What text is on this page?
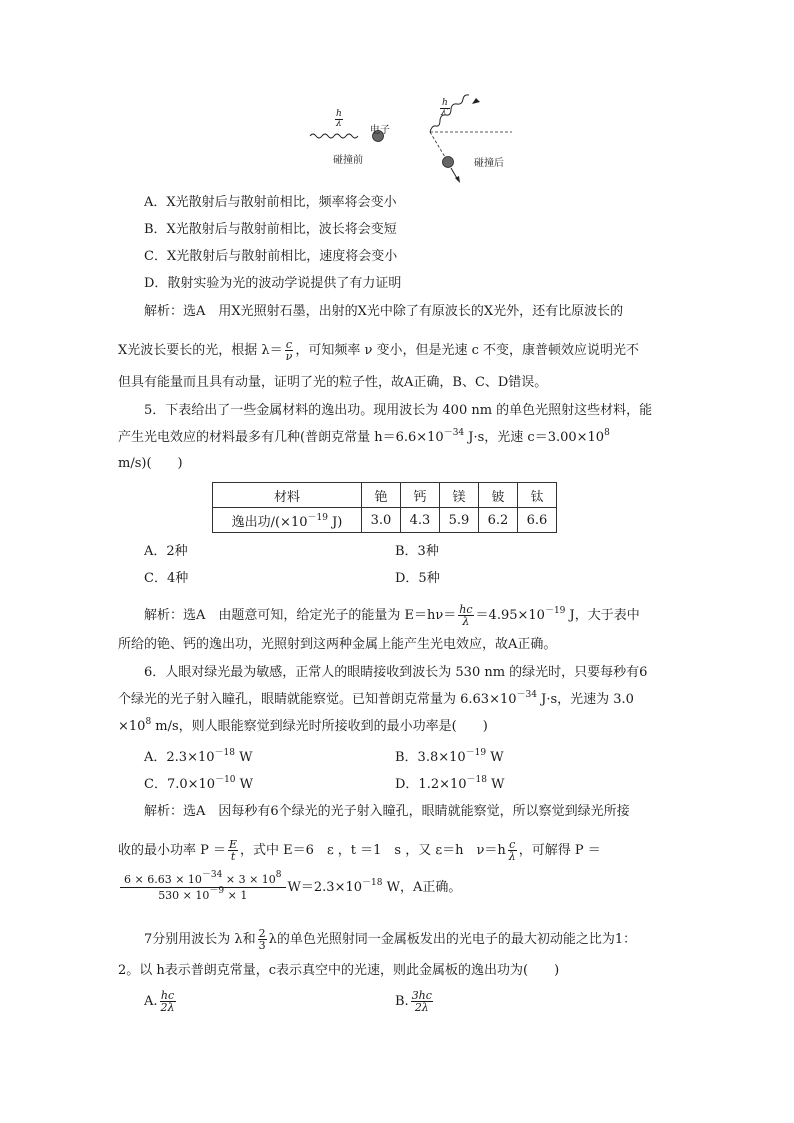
$\frac{h}{\lambda}$
电子
碰撞前
$\frac{h}{\lambda'}$
碰撞后
A．X光散射后与散射前相比，频率将会变小
B．X光散射后与散射前相比，波长将会变短
C．X光散射后与散射前相比，速度将会变小
D．散射实验为光的波动学说提供了有力证明
解析：选A　用X光照射石墨，出射的X光中除了有原波长的X光外，还有比原波长的
X光波长要长的光，根据 $\lambda= \frac{c}{\nu}$ ，可知频率 ν 变小，但是光速 c 不变，康普顿效应说明光不
但具有能量而且具有动量，证明了光的粒子性，故A正确，B、C、D错误。
5．下表给出了一些金属材料的逸出功。现用波长为 400 nm 的单色光照射这些材料，能
产生光电效应的材料最多有几种(普朗克常量 $h=6.6\times 10^{-34}$ J·s，光速 $c=3.00\times 10^8$
m/s)(　　)
材料	铯	钙	镁	铍	钛
逸出功$/(\times 10^{-19}$ J)	3.0	4.3	5.9	6.2	6.6
A．2种	B．3种
C．4种	D．5种
解析：选A　由题意可知，给定光子的能量为 $E=h\nu= \frac{hc}{\lambda} =4.95\times 10^{-19}$ J，大于表中
所给的铯、钙的逸出功，光照射到这两种金属上能产生光电效应，故A正确。
6．人眼对绿光最为敏感，正常人的眼睛接收到波长为 530 nm 的绿光时，只要每秒有6
个绿光的光子射入瞳孔，眼睛就能察觉。已知普朗克常量为 $6.63\times 10^{-34}$ J·s，光速为 3.0
$\times 10^8$ m/s，则人眼能察觉到绿光时所接收到的最小功率是(　　)
A．$2.3\times 10^{-18}$ W	B．$3.8\times 10^{-19}$ W
C．$7.0\times 10^{-10}$ W	D．$1.2\times 10^{-18}$ W
解析：选A　因每秒有6个绿光的光子射入瞳孔，眼睛就能察觉，所以察觉到绿光所接
收的最小功率 $P = \frac{E}{t}$ ，式中 E＝6　ε ，t ＝1　s ，又 ε＝h　$\nu=h \frac{c}{\lambda}$ ，可解得 P ＝
$\frac{6 \times 6.63 \times 10^{-34} \times 3 \times 10^8}{530 \times 10^{-9} \times 1} W=2.3\times 10^{-18}$ W，A正确。
7分别用波长为 λ和 $\frac{2}{3}$ λ的单色光照射同一金属板发出的光电子的最大初动能之比为1：
2。以 h表示普朗克常量，c表示真空中的光速，则此金属板的逸出功为(　　)
A. $\frac{hc}{2\lambda}$	B. $\frac{3hc}{2\lambda}$
